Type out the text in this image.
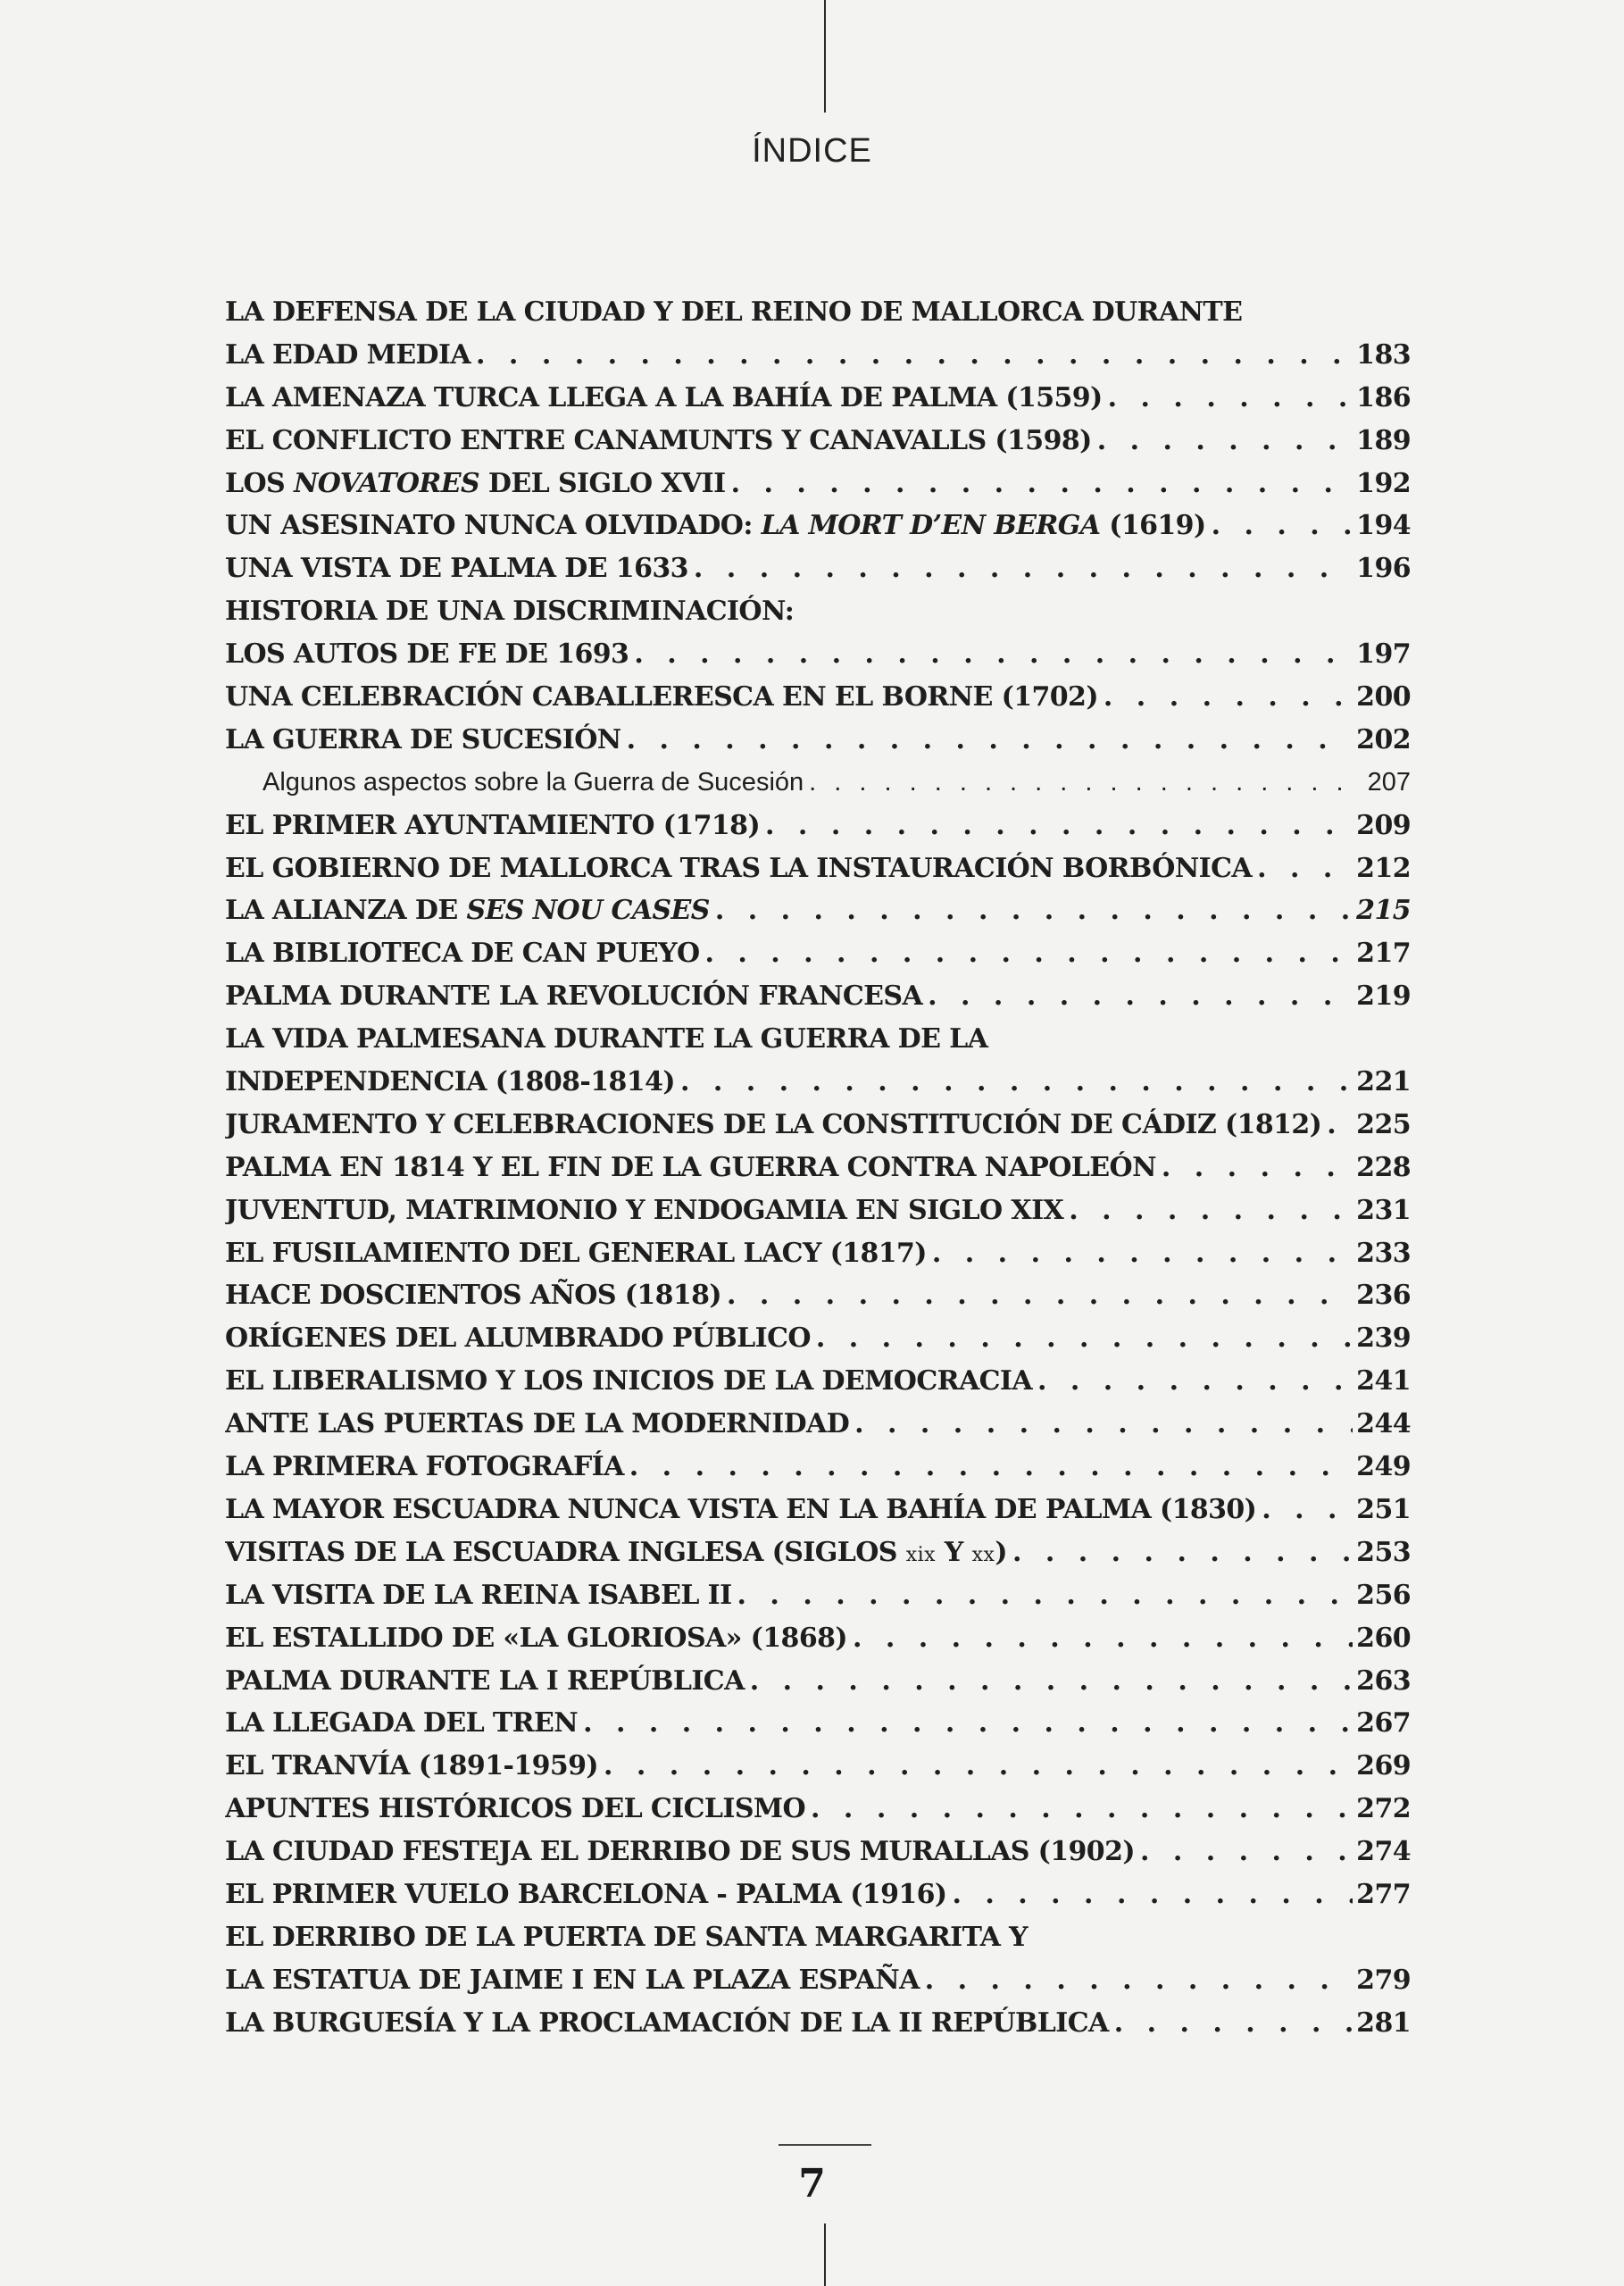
ÍNDICE
LA DEFENSA DE LA CIUDAD Y DEL REINO DE MALLORCA DURANTE
LA EDAD MEDIA . . .	183
LA AMENAZA TURCA LLEGA A LA BAHÍA DE PALMA (1559) . . .	186
EL CONFLICTO ENTRE CANAMUNTS Y CANAVALLS (1598) . . .	189
LOS NOVATORES DEL SIGLO XVII . . .	192
UN ASESINATO NUNCA OLVIDADO: LA MORT D’EN BERGA (1619) . . .	194
UNA VISTA DE PALMA DE 1633 . . .	196
HISTORIA DE UNA DISCRIMINACIÓN:
LOS AUTOS DE FE DE 1693 . . .	197
UNA CELEBRACIÓN CABALLERESCA EN EL BORNE (1702) . . .	200
LA GUERRA DE SUCESIÓN . . .	202
Algunos aspectos sobre la Guerra de Sucesión . . .	207
EL PRIMER AYUNTAMIENTO (1718) . . .	209
EL GOBIERNO DE MALLORCA TRAS LA INSTAURACIÓN BORBÓNICA . . .	212
LA ALIANZA DE SES NOU CASES . . .	215
LA BIBLIOTECA DE CAN PUEYO . . .	217
PALMA DURANTE LA REVOLUCIÓN FRANCESA . . .	219
LA VIDA PALMESANA DURANTE LA GUERRA DE LA
INDEPENDENCIA (1808-1814) . . .	221
JURAMENTO Y CELEBRACIONES DE LA CONSTITUCIÓN DE CÁDIZ (1812) . . . 225
PALMA EN 1814 Y EL FIN DE LA GUERRA CONTRA NAPOLEÓN . . .	228
JUVENTUD, MATRIMONIO Y ENDOGAMIA EN SIGLO XIX . . .	231
EL FUSILAMIENTO DEL GENERAL LACY (1817) . . .	233
HACE DOSCIENTOS AÑOS (1818) . . .	236
ORÍGENES DEL ALUMBRADO PÚBLICO . . .	239
EL LIBERALISMO Y LOS INICIOS DE LA DEMOCRACIA . . .	241
ANTE LAS PUERTAS DE LA MODERNIDAD . . .	244
LA PRIMERA FOTOGRAFÍA . . .	249
LA MAYOR ESCUADRA NUNCA VISTA EN LA BAHÍA DE PALMA (1830) . . .	251
VISITAS DE LA ESCUADRA INGLESA (SIGLOS xix Y xx) . . .	253
LA VISITA DE LA REINA ISABEL II . . .	256
EL ESTALLIDO DE «LA GLORIOSA» (1868) . . .	260
PALMA DURANTE LA I REPÚBLICA . . .	263
LA LLEGADA DEL TREN . . .	267
EL TRANVÍA (1891-1959) . . .	269
APUNTES HISTÓRICOS DEL CICLISMO . . .	272
LA CIUDAD FESTEJA EL DERRIBO DE SUS MURALLAS (1902) . . .	274
EL PRIMER VUELO BARCELONA - PALMA (1916) . . .	277
EL DERRIBO DE LA PUERTA DE SANTA MARGARITA Y
LA ESTATUA DE JAIME I EN LA PLAZA ESPAÑA . . .	279
LA BURGUESÍA Y LA PROCLAMACIÓN DE LA II REPÚBLICA . . .	281
7
